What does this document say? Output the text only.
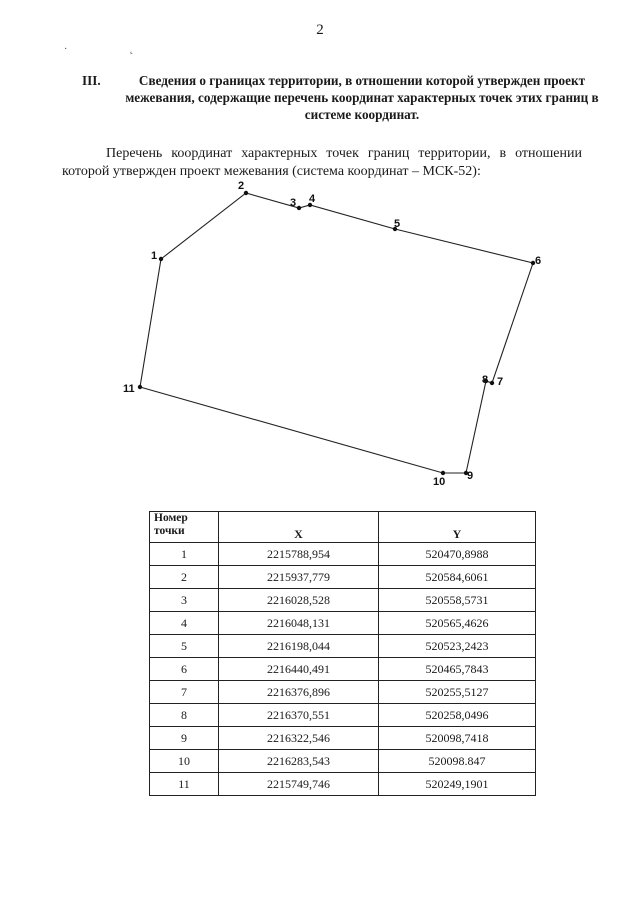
2
· ˛
III.	Сведения о границах территории, в отношении которой утвержден проект межевания, содержащие перечень координат характерных точек этих границ в системе координат.
Перечень координат характерных точек границ территории, в отношении которой утвержден проект межевания (система координат – МСК-52):
1
2
3 4
5
6
7
8
9
10
11
Номер точки	X	Y
1	2215788,954	520470,8988
2	2215937,779	520584,6061
3	2216028,528	520558,5731
4	2216048,131	520565,4626
5	2216198,044	520523,2423
6	2216440,491	520465,7843
7	2216376,896	520255,5127
8	2216370,551	520258,0496
9	2216322,546	520098,7418
10	2216283,543	520098.847
11	2215749,746	520249,1901
